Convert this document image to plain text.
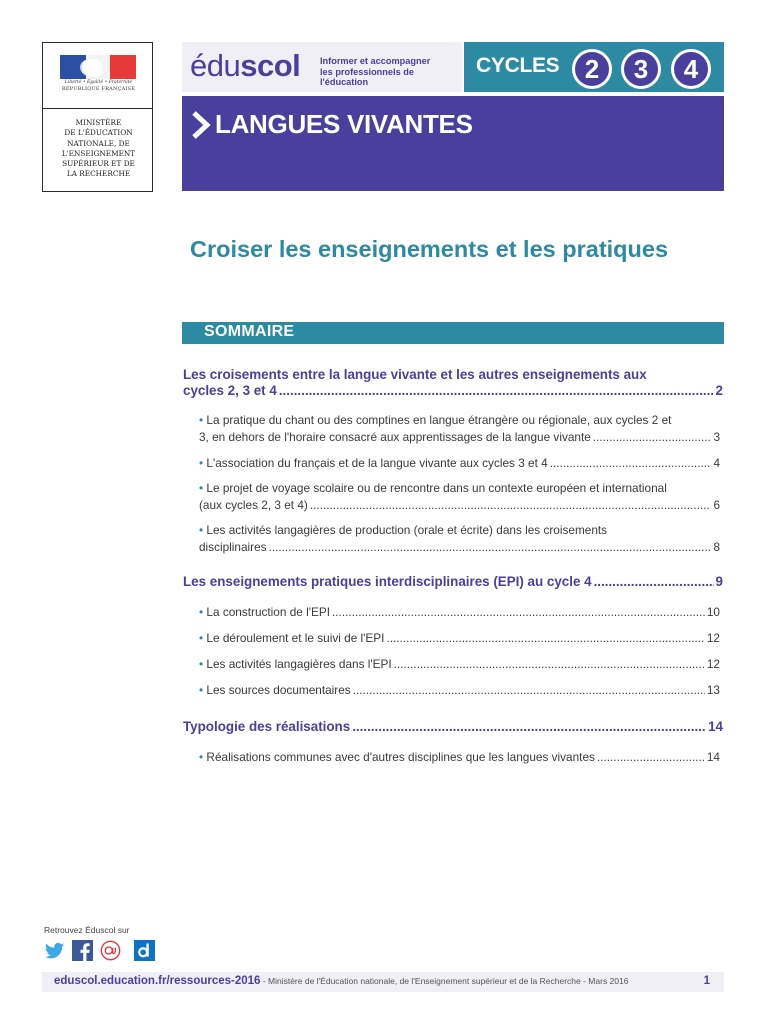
Liberté • Égalité • Fraternité
RÉPUBLIQUE FRANÇAISE
MINISTÈRE
DE L'ÉDUCATION
NATIONALE, DE
L'ENSEIGNEMENT
SUPÉRIEUR ET DE
LA RECHERCHE
éduscol Informer et accompagner
les professionnels de l'éducation
CYCLES 2	3	4
LANGUES VIVANTES
Croiser les enseignements et les pratiques
SOMMAIRE
Les croisements entre la langue vivante et les autres enseignements aux
cycles 2, 3 et 4 .....	2
• La pratique du chant ou des comptines en langue étrangère ou régionale, aux cycles 2 et
3, en dehors de l'horaire consacré aux apprentissages de la langue vivante .....	3
• L'association du français et de la langue vivante aux cycles 3 et 4 .....	4
• Le projet de voyage scolaire ou de rencontre dans un contexte européen et international
(aux cycles 2, 3 et 4) .....	6
• Les activités langagières de production (orale et écrite) dans les croisements
disciplinaires .....	8
Les enseignements pratiques interdisciplinaires (EPI) au cycle 4 .....	9
• La construction de l'EPI .....	10
• Le déroulement et le suivi de l'EPI .....	12
• Les activités langagières dans l'EPI .....	12
• Les sources documentaires .....	13
Typologie des réalisations .....	14
• Réalisations communes avec d'autres disciplines que les langues vivantes .....	14
Retrouvez Éduscol sur
eduscol.education.fr/ressources-2016 - Ministère de l'Éducation nationale, de l'Enseignement supérieur et de la Recherche - Mars 2016	1
